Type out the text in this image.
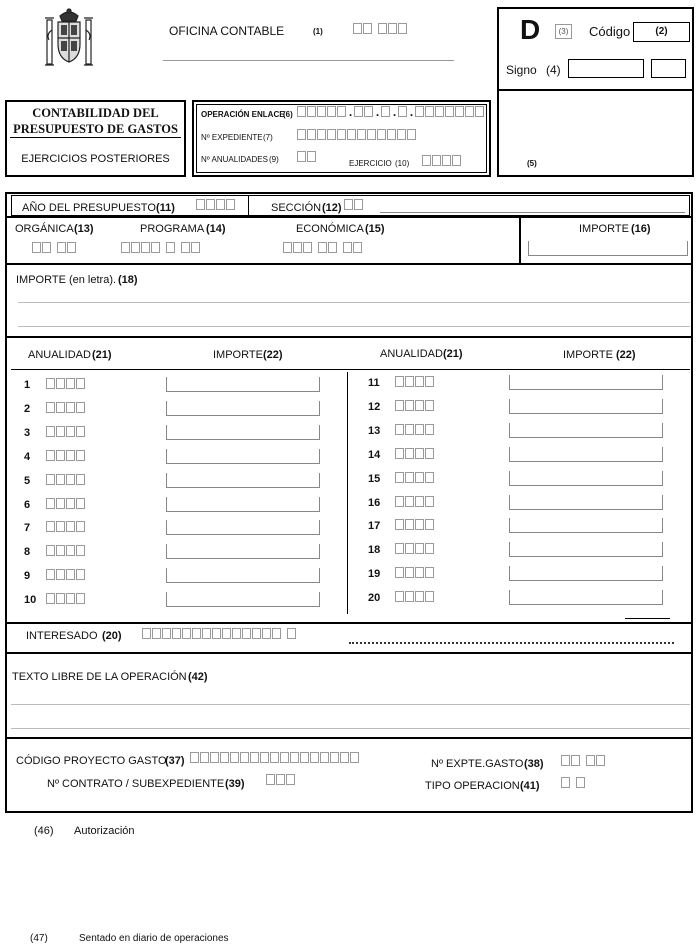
OFICINA CONTABLE	(1)	D	(3) Código	(2)
Signo (4)
(5)
CONTABILIDAD DEL
PRESUPUESTO DE GASTOS
EJERCICIOS POSTERIORES
OPERACIÓN ENLACE
(6)	. . . .
Nº EXPEDIENTE (7)
Nº ANUALIDADES (9)	EJERCICIO (10)
AÑO DEL PRESUPUESTO (11)	SECCIÓN (12)
ORGÁNICA (13)	PROGRAMA (14)	ECONÓMICA (15)	IMPORTE (16)
IMPORTE (en letra). (18)
ANUALIDAD (21)	IMPORTE (22)	ANUALIDAD (21)	IMPORTE (22)
1	11
2	12
3	13
4	14
5	15
6	16
7	17
8	18
9	19
10	20
INTERESADO (20)
TEXTO LIBRE DE LA OPERACIÓN (42)
CÓDIGO PROYECTO GASTO
(37)	Nº EXPTE.GASTO (38)
Nº CONTRATO / SUBEXPEDIENTE (39)	TIPO OPERACION (41)
(46) Autorización
(47)	Sentado en diario de operaciones
